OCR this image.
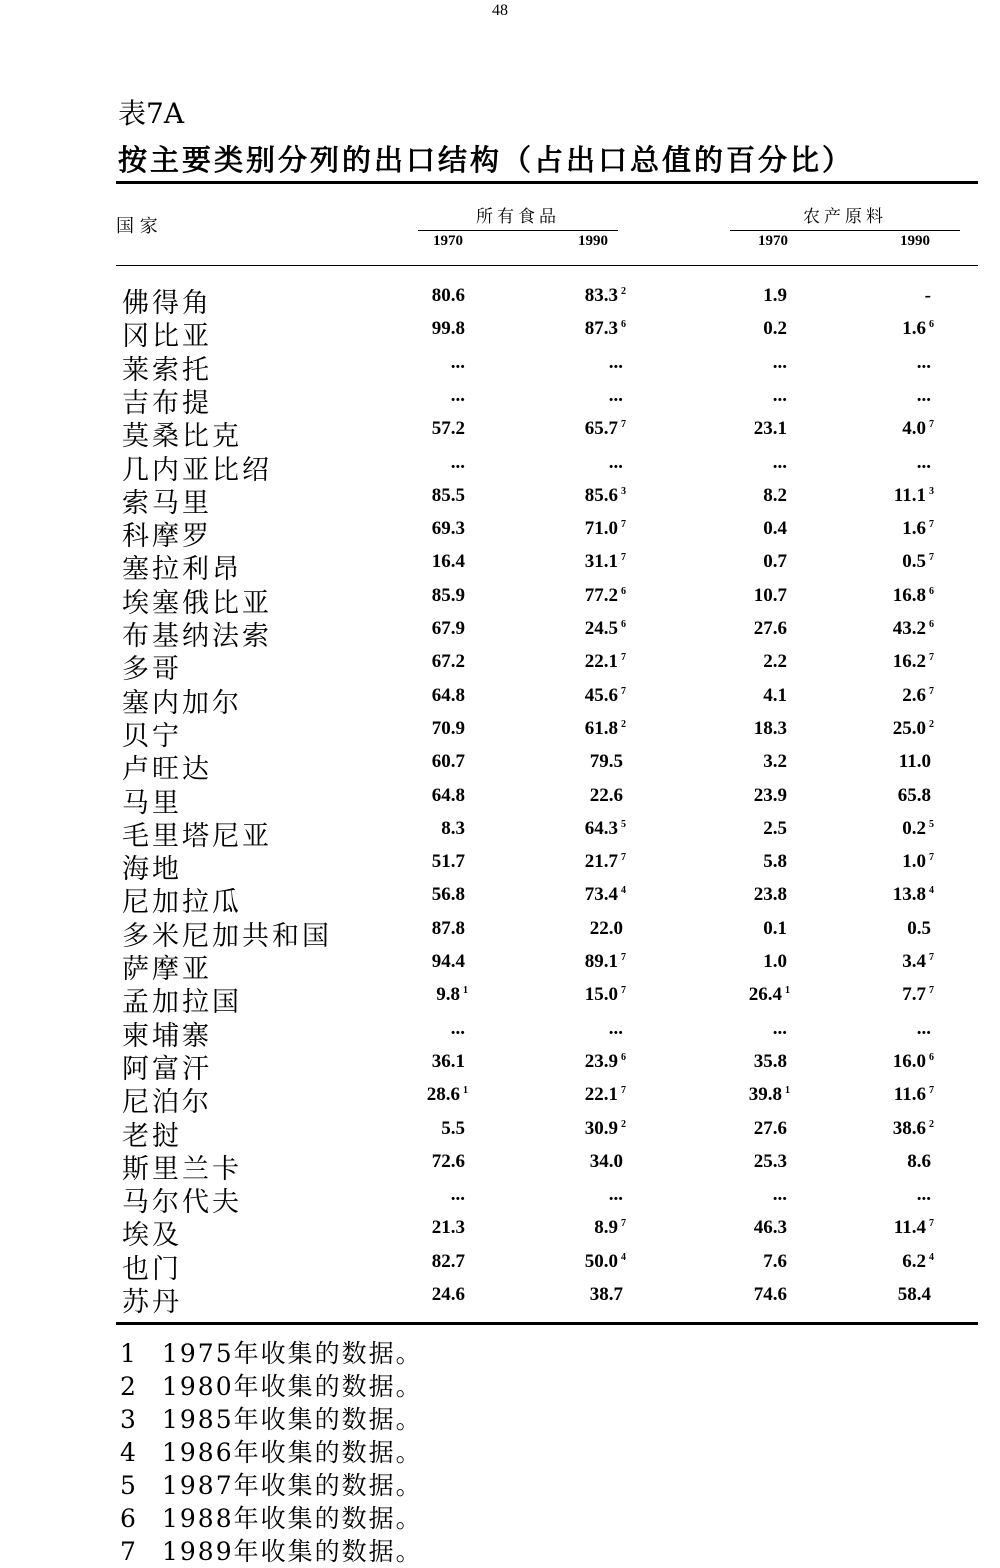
48
表7A
按主要类别分列的出口结构（占出口总值的百分比）
国 家	所有食品	农产原料
1970	1990	1970	1990
佛得角	80.6	83.3 $^2$	1.9	-
冈比亚	99.8	87.3 $^6$	0.2	1.6 $^6$
莱索托	...	...	...	...
吉布提	...	...	...	...
莫桑比克	57.2	65.7 $^7$	23.1	4.0 $^7$
几内亚比绍	...	...	...	...
索马里	85.5	85.6 $^3$	8.2	11.1 $^3$
科摩罗	69.3	71.0 $^7$	0.4	1.6 $^7$
塞拉利昂	16.4	31.1 $^7$	0.7	0.5 $^7$
埃塞俄比亚	85.9	77.2 $^6$	10.7	16.8 $^6$
布基纳法索	67.9	24.5 $^6$	27.6	43.2 $^6$
多哥	67.2	22.1 $^7$	2.2	16.2 $^7$
塞内加尔	64.8	45.6 $^7$	4.1	2.6 $^7$
贝宁	70.9	61.8 $^2$	18.3	25.0 $^2$
卢旺达	60.7	79.5	3.2	11.0
马里	64.8	22.6	23.9	65.8
毛里塔尼亚	8.3	64.3 $^5$	2.5	0.2 $^5$
海地	51.7	21.7 $^7$	5.8	1.0 $^7$
尼加拉瓜	56.8	73.4 $^4$	23.8	13.8 $^4$
多米尼加共和国	87.8	22.0	0.1	0.5
萨摩亚	94.4	89.1 $^7$	1.0	3.4 $^7$
孟加拉国	9.8 $^1$	15.0 $^7$	26.4 $^1$	7.7 $^7$
柬埔寨	...	...	...	...
阿富汗	36.1	23.9 $^6$	35.8	16.0 $^6$
尼泊尔	28.6 $^1$	22.1 $^7$	39.8 $^1$	11.6 $^7$
老挝	5.5	30.9 $^2$	27.6	38.6 $^2$
斯里兰卡	72.6	34.0	25.3	8.6
马尔代夫	...	...	...	...
埃及	21.3	8.9 $^7$	46.3	11.4 $^7$
也门	82.7	50.0 $^4$	7.6	6.2 $^4$
苏丹	24.6	38.7	74.6	58.4
1 1975年收集的数据。
2 1980年收集的数据。
3 1985年收集的数据。
4 1986年收集的数据。
5 1987年收集的数据。
6 1988年收集的数据。
7 1989年收集的数据。
